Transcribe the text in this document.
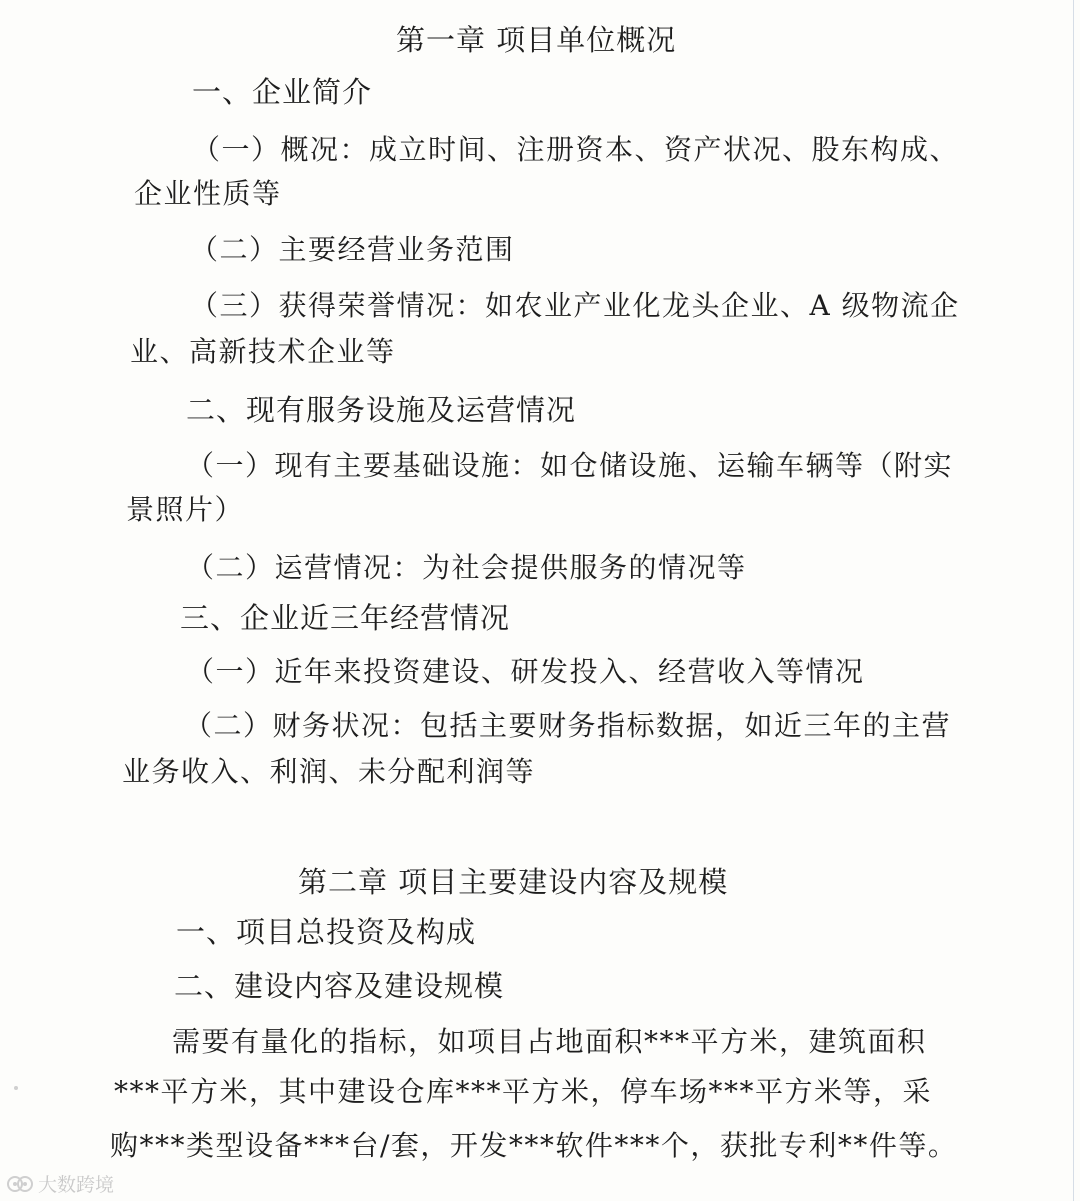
第一章 项目单位概况
一、企业简介
（一）概况：成立时间、注册资本、资产状况、股东构成、
企业性质等
（二）主要经营业务范围
（三）获得荣誉情况：如农业产业化龙头企业、A 级物流企
业、高新技术企业等
二、现有服务设施及运营情况
（一）现有主要基础设施：如仓储设施、运输车辆等（附实
景照片）
（二）运营情况：为社会提供服务的情况等
三、企业近三年经营情况
（一）近年来投资建设、研发投入、经营收入等情况
（二）财务状况：包括主要财务指标数据，如近三年的主营
业务收入、利润、未分配利润等
第二章 项目主要建设内容及规模
一、项目总投资及构成
二、建设内容及建设规模
需要有量化的指标，如项目占地面积***平方米，建筑面积
***平方米，其中建设仓库***平方米，停车场***平方米等，采
购***类型设备***台/套，开发***软件***个，获批专利**件等。
大数跨境
